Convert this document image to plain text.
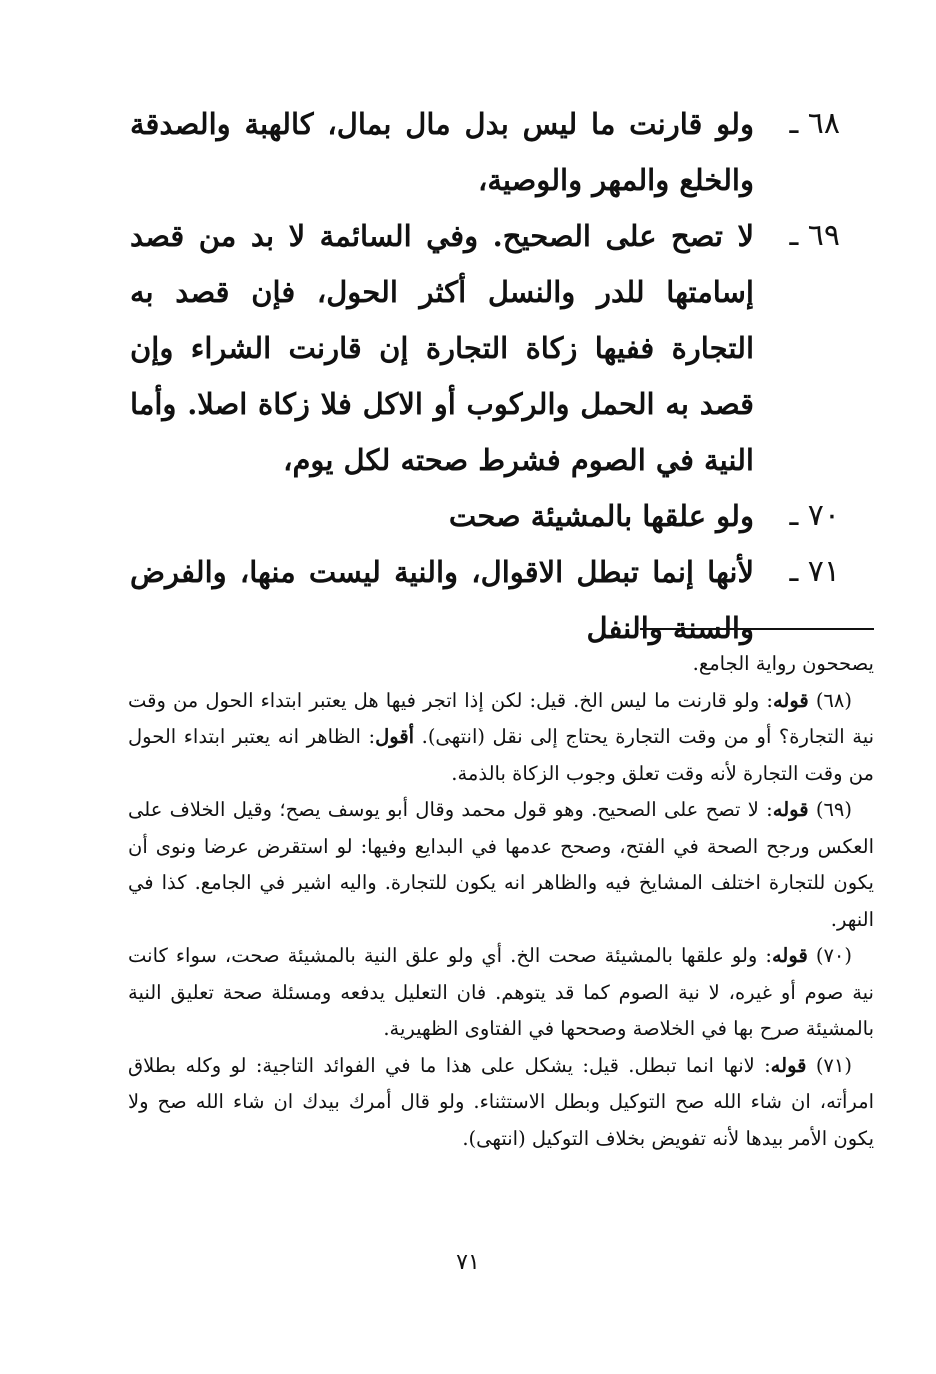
٦٨ ـ
ولو قارنت ما ليس بدل مال بمال، كالهبة والصدقة والخلع والمهر والوصية،
٦٩ ـ
لا تصح على الصحيح. وفي السائمة لا بد من قصد إسامتها للدر والنسل أكثر الحول، فإن قصد به التجارة ففيها زكاة التجارة إن قارنت الشراء وإن قصد به الحمل والركوب أو الاكل فلا زكاة اصلا. وأما النية في الصوم فشرط صحته لكل يوم،
٧٠ ـ
ولو علقها بالمشيئة صحت
٧١ ـ
لأنها إنما تبطل الاقوال، والنية ليست منها، والفرض والسنة والنفل

يصححون رواية الجامع.

(٦٨) قوله: ولو قارنت ما ليس الخ. قيل: لكن إذا اتجر فيها هل يعتبر ابتداء الحول من وقت نية التجارة؟ أو من وقت التجارة يحتاج إلى نقل (انتهى). أقول: الظاهر انه يعتبر ابتداء الحول من وقت التجارة لأنه وقت تعلق وجوب الزكاة بالذمة.

(٦٩) قوله: لا تصح على الصحيح. وهو قول محمد وقال أبو يوسف يصح؛ وقيل الخلاف على العكس ورجح الصحة في الفتح، وصحح عدمها في البدايع وفيها: لو استقرض عرضا ونوى أن يكون للتجارة اختلف المشايخ فيه والظاهر انه يكون للتجارة. واليه اشير في الجامع. كذا في النهر.

(٧٠) قوله: ولو علقها بالمشيئة صحت الخ. أي ولو علق النية بالمشيئة صحت، سواء كانت نية صوم أو غيره، لا نية الصوم كما قد يتوهم. فان التعليل يدفعه ومسئلة صحة تعليق النية بالمشيئة صرح بها في الخلاصة وصححها في الفتاوى الظهيرية.

(٧١) قوله: لانها انما تبطل. قيل: يشكل على هذا ما في الفوائد التاجية: لو وكله بطلاق امرأته، ان شاء الله صح التوكيل وبطل الاستثناء. ولو قال أمرك بيدك ان شاء الله صح ولا يكون الأمر بيدها لأنه تفويض بخلاف التوكيل (انتهى).

٧١
